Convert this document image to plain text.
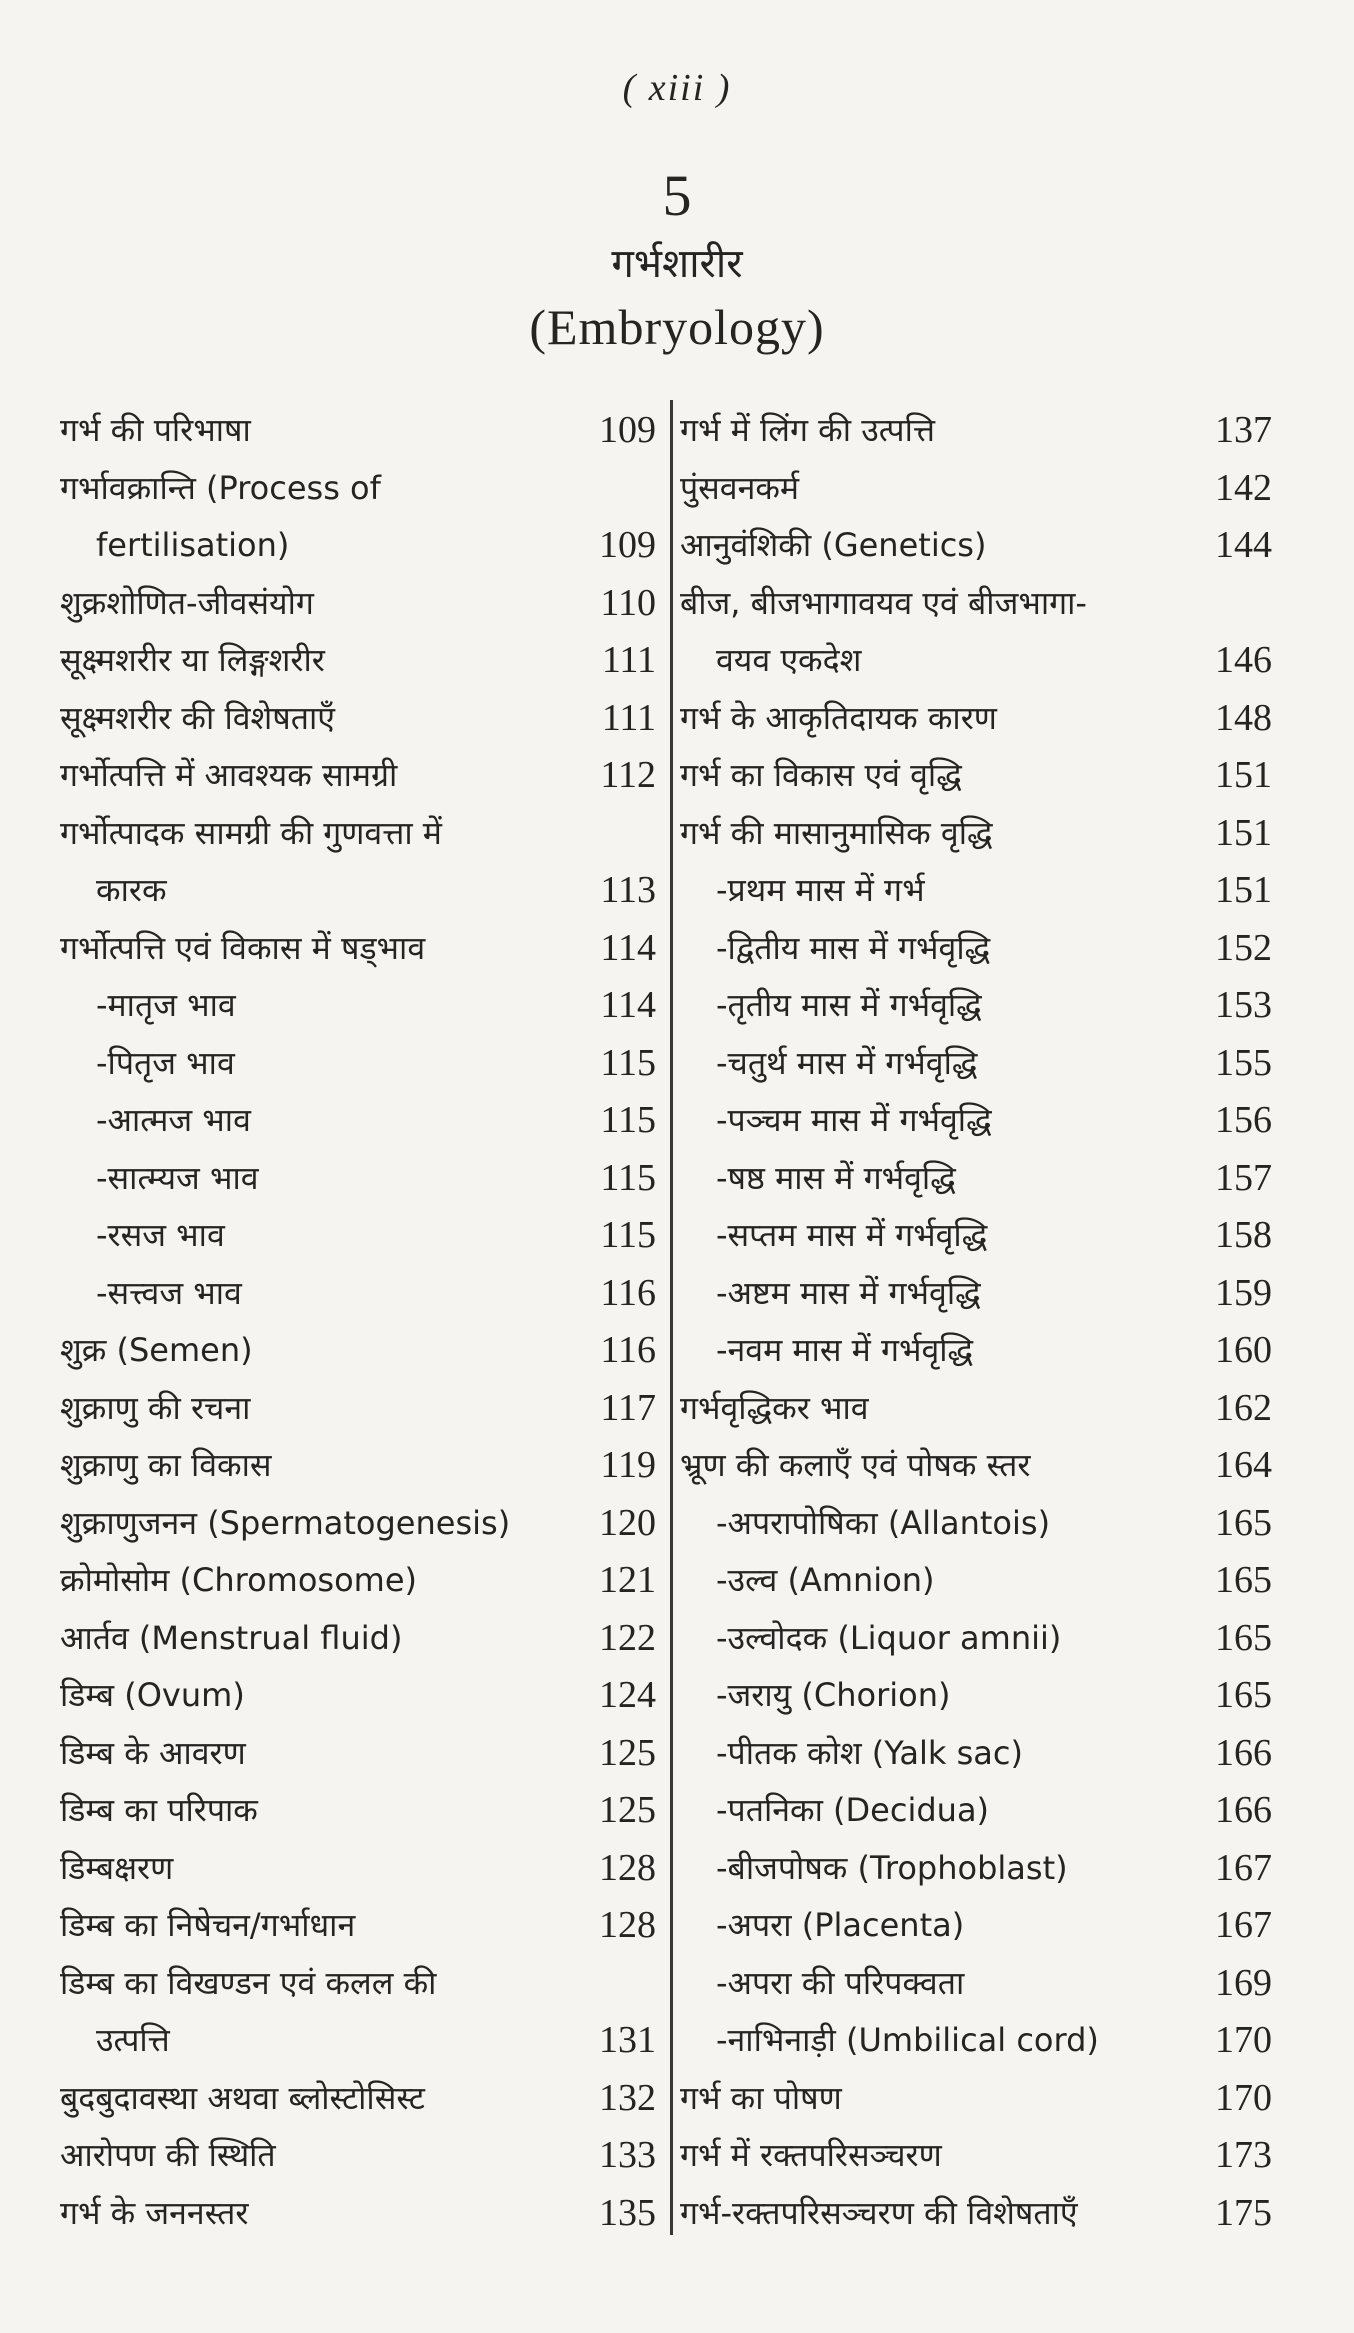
( xiii )
5
गर्भशारीर
(Embryology)
गर्भ की परिभाषा	109
गर्भावक्रान्ति (Process of
fertilisation)	109
शुक्रशोणित-जीवसंयोग	110
सूक्ष्मशरीर या लिङ्गशरीर	111
सूक्ष्मशरीर की विशेषताएँ	111
गर्भोत्पत्ति में आवश्यक सामग्री	112
गर्भोत्पादक सामग्री की गुणवत्ता में
कारक	113
गर्भोत्पत्ति एवं विकास में षड्भाव	114
-मातृज भाव	114
-पितृज भाव	115
-आत्मज भाव	115
-सात्म्यज भाव	115
-रसज भाव	115
-सत्त्वज भाव	116
शुक्र (Semen)	116
शुक्राणु की रचना	117
शुक्राणु का विकास	119
शुक्राणुजनन (Spermatogenesis) 120
क्रोमोसोम (Chromosome)	121
आर्तव (Menstrual fluid)	122
डिम्ब (Ovum)	124
डिम्ब के आवरण	125
डिम्ब का परिपाक	125
डिम्बक्षरण	128
डिम्ब का निषेचन/गर्भाधान	128
डिम्ब का विखण्डन एवं कलल की
उत्पत्ति	131
बुदबुदावस्था अथवा ब्लोस्टोसिस्ट	132
आरोपण की स्थिति	133
गर्भ के जननस्तर	135
गर्भ में लिंग की उत्पत्ति	137
पुंसवनकर्म	142
आनुवंशिकी (Genetics)	144
बीज, बीजभागावयव एवं बीजभागा-
वयव एकदेश	146
गर्भ के आकृतिदायक कारण	148
गर्भ का विकास एवं वृद्धि	151
गर्भ की मासानुमासिक वृद्धि	151
-प्रथम मास में गर्भ	151
-द्वितीय मास में गर्भवृद्धि	152
-तृतीय मास में गर्भवृद्धि	153
-चतुर्थ मास में गर्भवृद्धि	155
-पञ्चम मास में गर्भवृद्धि	156
-षष्ठ मास में गर्भवृद्धि	157
-सप्तम मास में गर्भवृद्धि	158
-अष्टम मास में गर्भवृद्धि	159
-नवम मास में गर्भवृद्धि	160
गर्भवृद्धिकर भाव	162
भ्रूण की कलाएँ एवं पोषक स्तर	164
-अपरापोषिका (Allantois)	165
-उल्व (Amnion)	165
-उल्वोदक (Liquor amnii)	165
-जरायु (Chorion)	165
-पीतक कोश (Yalk sac)	166
-पतनिका (Decidua)	166
-बीजपोषक (Trophoblast)	167
-अपरा (Placenta)	167
-अपरा की परिपक्वता	169
-नाभिनाड़ी (Umbilical cord)	170
गर्भ का पोषण	170
गर्भ में रक्तपरिसञ्चरण	173
गर्भ-रक्तपरिसञ्चरण की विशेषताएँ	175
